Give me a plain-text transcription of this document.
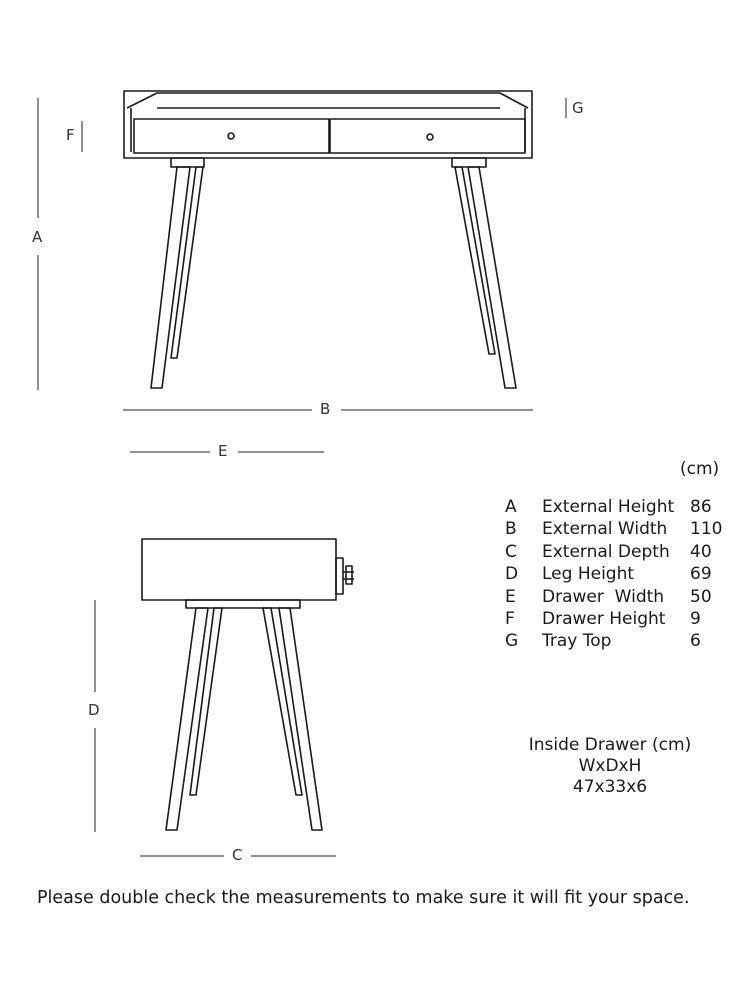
A
B
E
F
G
D
C
(cm)
A	External Height 86
B	External Width	110
C	External Depth	40
D	Leg Height	69
E	Drawer  Width	50
F	Drawer Height	9
G	Tray Top	6
Inside Drawer (cm)
WxDxH
47x33x6
Please double check the measurements to make sure it will fit your space.
